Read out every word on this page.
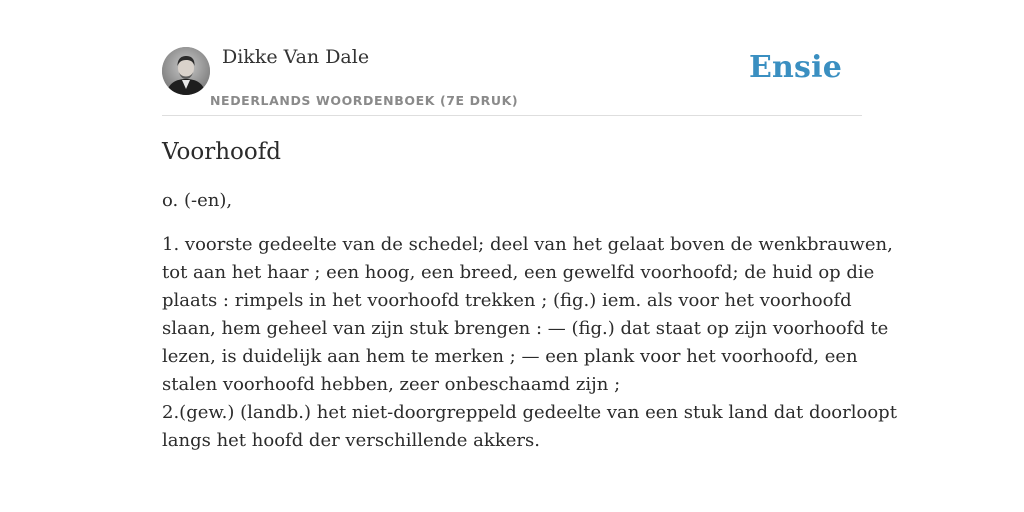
Dikke Van Dale
NEDERLANDS WOORDENBOEK (7E DRUK)
Ensie
Voorhoofd
o. (-en),
1. voorste gedeelte van de schedel; deel van het gelaat boven de wenkbrauwen,
tot aan het haar ; een hoog, een breed, een gewelfd voorhoofd; de huid op die
plaats : rimpels in het voorhoofd trekken ; (fig.) iem. als voor het voorhoofd
slaan, hem geheel van zijn stuk brengen : — (fig.) dat staat op zijn voorhoofd te
lezen, is duidelijk aan hem te merken ; — een plank voor het voorhoofd, een
stalen voorhoofd hebben, zeer onbeschaamd zijn ;
2.(gew.) (landb.) het niet-doorgreppeld gedeelte van een stuk land dat doorloopt
langs het hoofd der verschillende akkers.
